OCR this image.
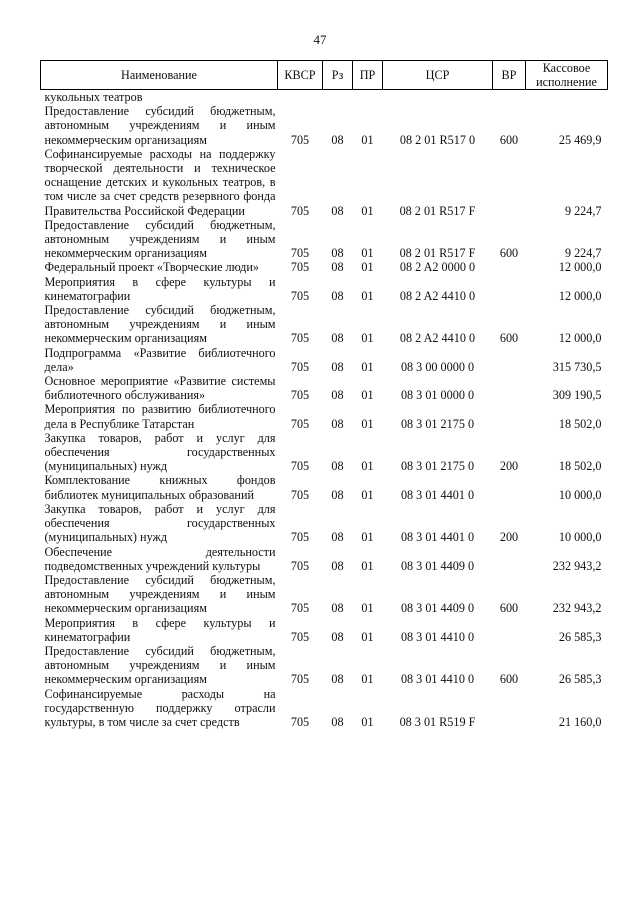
47
Наименование	КВСР	Рз	ПР	ЦСР	ВР	Кассовое исполнение
кукольных театров						
Предоставление субсидий бюджетным, автономным учреждениям и иным некоммерческим организациям	705	08	01	08 2 01 R517 0	600	25 469,9
Софинансируемые расходы на поддержку творческой деятельности и техническое оснащение детских и кукольных театров, в том числе за счет средств резервного фонда Правительства Российской Федерации	705	08	01	08 2 01 R517 F		9 224,7
Предоставление субсидий бюджетным, автономным учреждениям и иным некоммерческим организациям	705	08	01	08 2 01 R517 F	600	9 224,7
Федеральный проект «Творческие люди»	705	08	01	08 2 A2 0000 0		12 000,0
Мероприятия в сфере культуры и кинематографии	705	08	01	08 2 A2 4410 0		12 000,0
Предоставление субсидий бюджетным, автономным учреждениям и иным некоммерческим организациям	705	08	01	08 2 A2 4410 0	600	12 000,0
Подпрограмма «Развитие библиотечного дела»	705	08	01	08 3 00 0000 0		315 730,5
Основное мероприятие «Развитие системы библиотечного обслуживания»	705	08	01	08 3 01 0000 0		309 190,5
Мероприятия по развитию библиотечного дела в Республике Татарстан	705	08	01	08 3 01 2175 0		18 502,0
Закупка товаров, работ и услуг для обеспечения государственных (муниципальных) нужд	705	08	01	08 3 01 2175 0	200	18 502,0
Комплектование книжных фондов библиотек муниципальных образований	705	08	01	08 3 01 4401 0		10 000,0
Закупка товаров, работ и услуг для обеспечения государственных (муниципальных) нужд	705	08	01	08 3 01 4401 0	200	10 000,0
Обеспечение деятельности подведомственных учреждений культуры	705	08	01	08 3 01 4409 0		232 943,2
Предоставление субсидий бюджетным, автономным учреждениям и иным некоммерческим организациям	705	08	01	08 3 01 4409 0	600	232 943,2
Мероприятия в сфере культуры и кинематографии	705	08	01	08 3 01 4410 0		26 585,3
Предоставление субсидий бюджетным, автономным учреждениям и иным некоммерческим организациям	705	08	01	08 3 01 4410 0	600	26 585,3
Софинансируемые расходы на государственную поддержку отрасли культуры, в том числе за счет средств	705	08	01	08 3 01 R519 F		21 160,0
